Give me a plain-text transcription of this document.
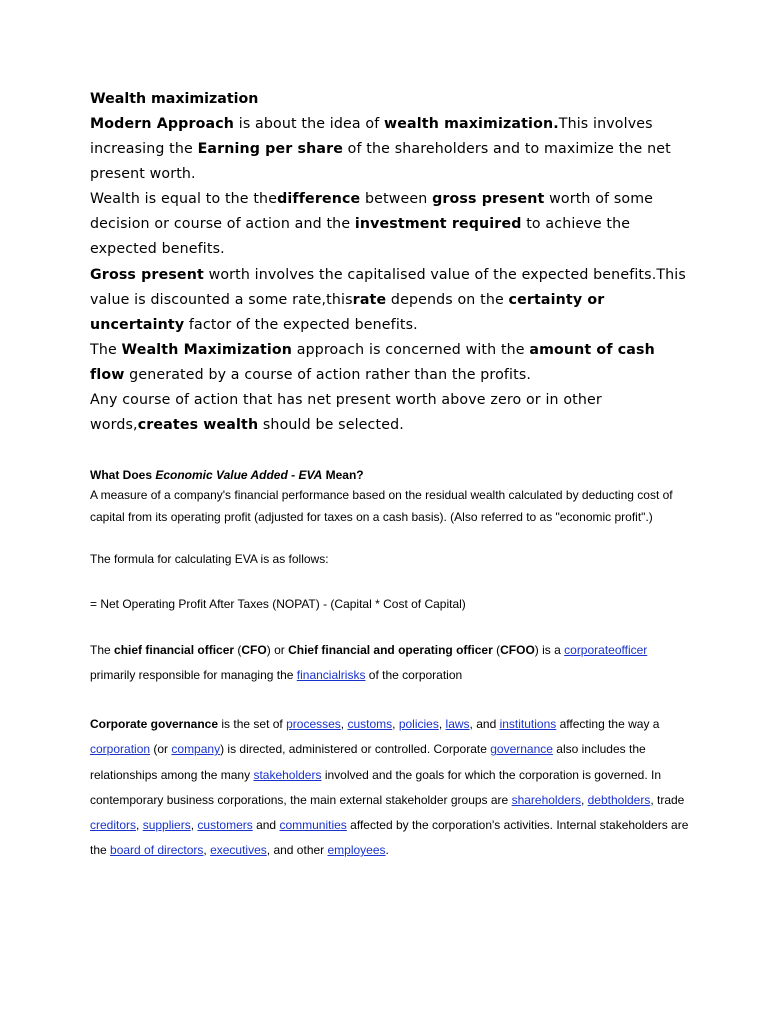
Wealth maximization

Modern Approach is about the idea of wealth maximization.This involves increasing the Earning per share of the shareholders and to maximize the net present worth.

Wealth is equal to the thedifference between gross present worth of some decision or course of action and the investment required to achieve the expected benefits.

Gross present worth involves the capitalised value of the expected benefits.This value is discounted a some rate,thisrate depends on the certainty or uncertainty factor of the expected benefits.

The Wealth Maximization approach is concerned with the amount of cash flow generated by a course of action rather than the profits.

Any course of action that has net present worth above zero or in other words,creates wealth should be selected.

What Does Economic Value Added - EVA Mean?

A measure of a company's financial performance based on the residual wealth calculated by deducting cost of capital from its operating profit (adjusted for taxes on a cash basis). (Also referred to as "economic profit".)

The formula for calculating EVA is as follows:

= Net Operating Profit After Taxes (NOPAT) - (Capital * Cost of Capital)

The chief financial officer (CFO) or Chief financial and operating officer (CFOO) is a corporateofficer primarily responsible for managing the financialrisks of the corporation

Corporate governance is the set of processes, customs, policies, laws, and institutions affecting the way a corporation (or company) is directed, administered or controlled. Corporate governance also includes the relationships among the many stakeholders involved and the goals for which the corporation is governed. In contemporary business corporations, the main external stakeholder groups are shareholders, debtholders, trade creditors, suppliers, customers and communities affected by the corporation's activities. Internal stakeholders are the board of directors, executives, and other employees.
